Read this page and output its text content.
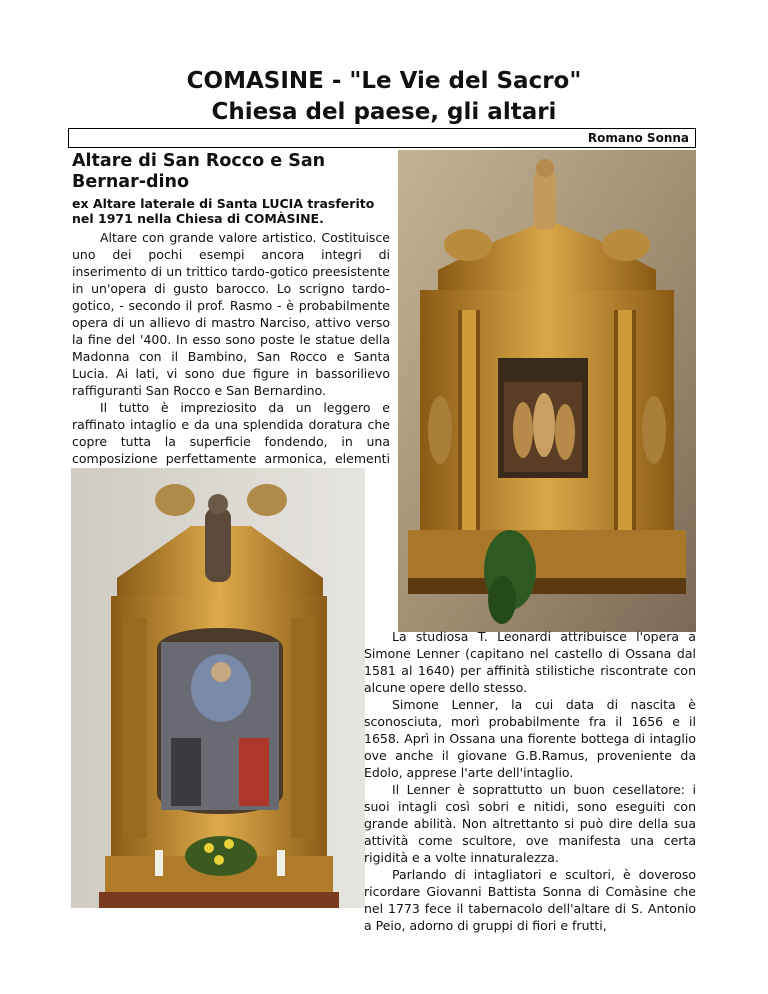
COMASINE - "Le Vie del Sacro"
Chiesa del paese, gli altari
Romano Sonna
Altare di San Rocco e San Bernar-dino
ex Altare laterale di Santa LUCIA trasferito nel 1971 nella Chiesa di COMÀSINE.

Altare con grande valore artistico. Costituisce uno dei pochi esempi ancora integri di inserimento di un trittico tardo-gotico preesistente in un'opera di gusto barocco. Lo scrigno tardo-gotico, - secondo il prof. Rasmo - è probabilmente opera di un allievo di mastro Narciso, attivo verso la fine del '400. In esso sono poste le statue della Madonna con il Bambino, San Rocco e Santa Lucia. Ai lati, vi sono due figure in bassorilievo raffiguranti San Rocco e San Bernardino.

Il tutto è impreziosito da un leggero e raffinato intaglio e da una splendida doratura che copre tutta la superficie fondendo, in una composizione perfettamente armonica, elementi

La studiosa T. Leonardi attribuisce l'opera a Simone Lenner (capitano nel castello di Ossana dal 1581 al 1640) per affinità stilistiche riscontrate con alcune opere dello stesso.

Simone Lenner, la cui data di nascita è sconosciuta, morì probabilmente fra il 1656 e il 1658. Aprì in Ossana una fiorente bottega di intaglio ove anche il giovane G.B.Ramus, proveniente da Edolo, apprese l'arte dell'intaglio.

Il Lenner è soprattutto un buon cesellatore: i suoi intagli così sobri e nitidi, sono eseguiti con grande abilità. Non altrettanto si può dire della sua attività come scultore, ove manifesta una certa rigidità e a volte innaturalezza.

Parlando di intagliatori e scultori, è doveroso ricordare Giovanni Battista Sonna di Comàsine che nel 1773 fece il tabernacolo dell'altare di S. Antonio a Peio, adorno di gruppi di fiori e frutti,
